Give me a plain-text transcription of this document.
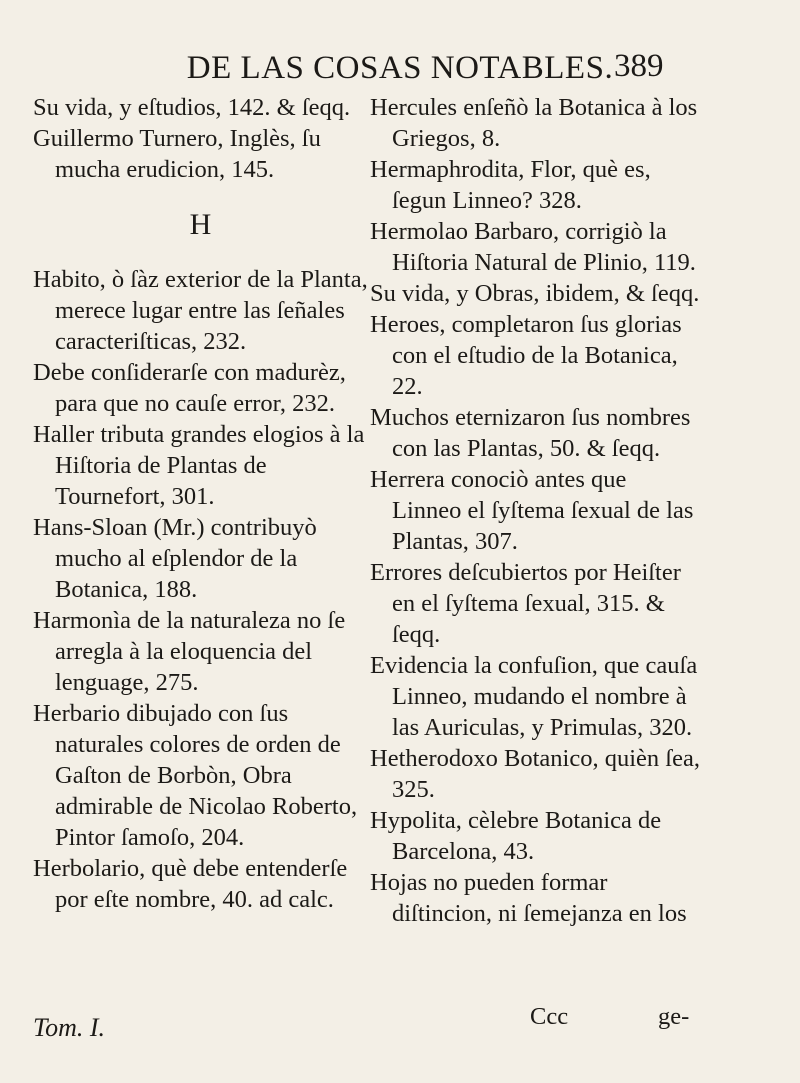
DE LAS COSAS NOTABLES. 389
Su vida, y eſtudios, 142. & ſeqq.
Guillermo Turnero, Inglès, ſu mucha erudicion, 145.
H
Habito, ò ſàz exterior de la Planta, merece lugar entre las ſeñales caracteriſticas, 232.
Debe conſiderarſe con madurèz, para que no cauſe error, 232.
Haller tributa grandes elogios à la Hiſtoria de Plantas de Tournefort, 301.
Hans-Sloan (Mr.) contribuyò mucho al eſplendor de la Botanica, 188.
Harmonìa de la naturaleza no ſe arregla à la eloquencia del lenguage, 275.
Herbario dibujado con ſus naturales colores de orden de Gaſton de Borbòn, Obra admirable de Nicolao Roberto, Pintor ſamoſo, 204.
Herbolario, què debe entenderſe por eſte nombre, 40. ad calc.
Hercules enſeñò la Botanica à los Griegos, 8.
Hermaphrodita, Flor, què es, ſegun Linneo? 328.
Hermolao Barbaro, corrigiò la Hiſtoria Natural de Plinio, 119.
Su vida, y Obras, ibidem, & ſeqq.
Heroes, completaron ſus glorias con el eſtudio de la Botanica, 22.
Muchos eternizaron ſus nombres con las Plantas, 50. & ſeqq.
Herrera conociò antes que Linneo el ſyſtema ſexual de las Plantas, 307.
Errores deſcubiertos por Heiſter en el ſyſtema ſexual, 315. & ſeqq.
Evidencia la confuſion, que cauſa Linneo, mudando el nombre à las Auriculas, y Primulas, 320.
Hetherodoxo Botanico, quièn ſea, 325.
Hypolita, cèlebre Botanica de Barcelona, 43.
Hojas no pueden formar diſtincion, ni ſemejanza en los
Tom. I.	Ccc	ge-
